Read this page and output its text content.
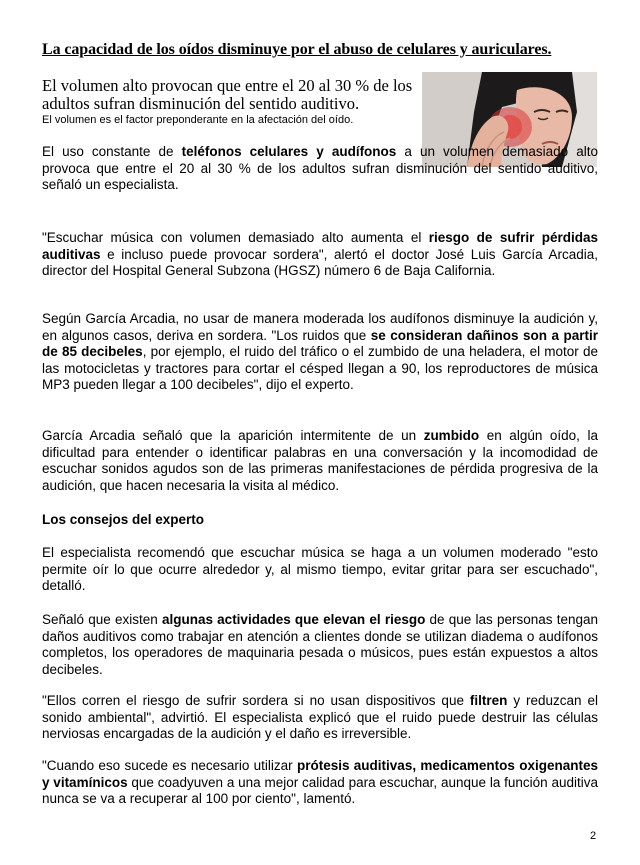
La capacidad de los oídos disminuye por el abuso de celulares y auriculares.
El volumen alto provocan que entre el 20 al 30 % de los adultos sufran disminución del sentido auditivo.
El volumen es el factor preponderante en la afectación del oído.

El uso constante de teléfonos celulares y audífonos a un volumen demasiado alto provoca que entre el 20 al 30 % de los adultos sufran disminución del sentido auditivo, señaló un especialista.

"Escuchar música con volumen demasiado alto aumenta el riesgo de sufrir pérdidas auditivas e incluso puede provocar sordera", alertó el doctor José Luis García Arcadia, director del Hospital General Subzona (HGSZ) número 6 de Baja California.

Según García Arcadia, no usar de manera moderada los audífonos disminuye la audición y, en algunos casos, deriva en sordera. "Los ruidos que se consideran dañinos son a partir de 85 decibeles, por ejemplo, el ruido del tráfico o el zumbido de una heladera, el motor de las motocicletas y tractores para cortar el césped llegan a 90, los reproductores de música MP3 pueden llegar a 100 decibeles", dijo el experto.

García Arcadia señaló que la aparición intermitente de un zumbido en algún oído, la dificultad para entender o identificar palabras en una conversación y la incomodidad de escuchar sonidos agudos son de las primeras manifestaciones de pérdida progresiva de la audición, que hacen necesaria la visita al médico.

Los consejos del experto

El especialista recomendó que escuchar música se haga a un volumen moderado "esto permite oír lo que ocurre alrededor y, al mismo tiempo, evitar gritar para ser escuchado", detalló.

Señaló que existen algunas actividades que elevan el riesgo de que las personas tengan daños auditivos como trabajar en atención a clientes donde se utilizan diadema o audífonos completos, los operadores de maquinaria pesada o músicos, pues están expuestos a altos decibeles.

"Ellos corren el riesgo de sufrir sordera si no usan dispositivos que filtren y reduzcan el sonido ambiental", advirtió. El especialista explicó que el ruido puede destruir las células nerviosas encargadas de la audición y el daño es irreversible.

"Cuando eso sucede es necesario utilizar prótesis auditivas, medicamentos oxigenantes y vitamínicos que coadyuven a una mejor calidad para escuchar, aunque la función auditiva nunca se va a recuperar al 100 por ciento", lamentó.

2
